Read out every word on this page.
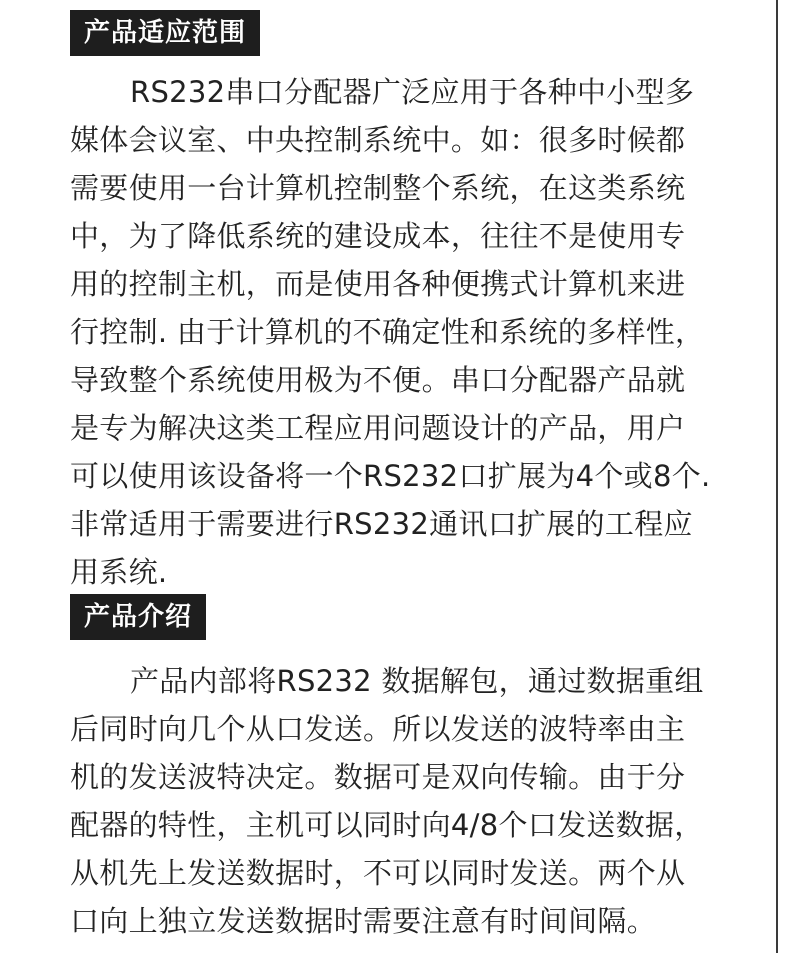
产品适应范围
RS232串口分配器广泛应用于各种中小型多
媒体会议室、中央控制系统中。如：很多时候都
需要使用一台计算机控制整个系统，在这类系统
中，为了降低系统的建设成本，往往不是使用专
用的控制主机，而是使用各种便携式计算机来进
行控制. 由于计算机的不确定性和系统的多样性，
导致整个系统使用极为不便。串口分配器产品就
是专为解决这类工程应用问题设计的产品，用户
可以使用该设备将一个RS232口扩展为4个或8个.
非常适用于需要进行RS232通讯口扩展的工程应
用系统.
产品介绍
产品内部将RS232 数据解包，通过数据重组
后同时向几个从口发送。所以发送的波特率由主
机的发送波特决定。数据可是双向传输。由于分
配器的特性，主机可以同时向4/8个口发送数据，
从机先上发送数据时，不可以同时发送。两个从
口向上独立发送数据时需要注意有时间间隔。
